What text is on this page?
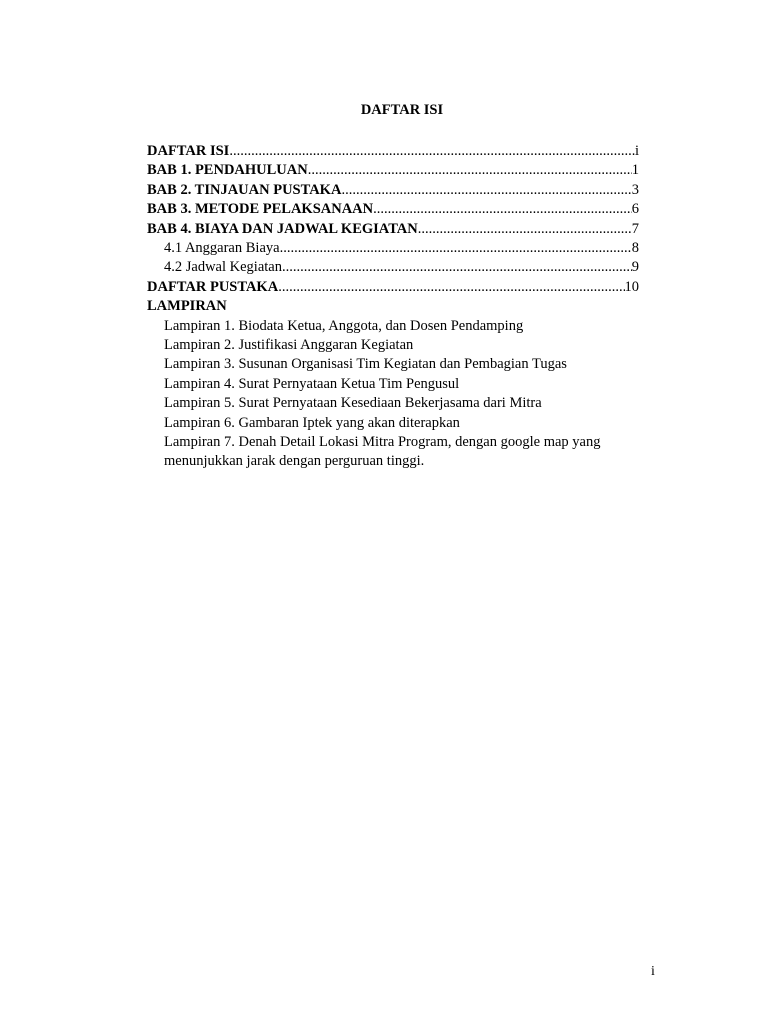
DAFTAR ISI
DAFTAR ISI .....	i
BAB 1. PENDAHULUAN .....	1
BAB 2. TINJAUAN PUSTAKA .....	3
BAB 3. METODE PELAKSANAAN .....	6
BAB 4. BIAYA DAN JADWAL KEGIATAN .....	7
4.1 Anggaran Biaya .....	8
4.2 Jadwal Kegiatan .....	9
DAFTAR PUSTAKA .....	10
LAMPIRAN
Lampiran 1. Biodata Ketua, Anggota, dan Dosen Pendamping
Lampiran 2. Justifikasi Anggaran Kegiatan
Lampiran 3. Susunan Organisasi Tim Kegiatan dan Pembagian Tugas
Lampiran 4. Surat Pernyataan Ketua Tim Pengusul
Lampiran 5. Surat Pernyataan Kesediaan Bekerjasama dari Mitra
Lampiran 6. Gambaran Iptek yang akan diterapkan
Lampiran 7. Denah Detail Lokasi Mitra Program, dengan google map yang menunjukkan jarak dengan perguruan tinggi.
i
